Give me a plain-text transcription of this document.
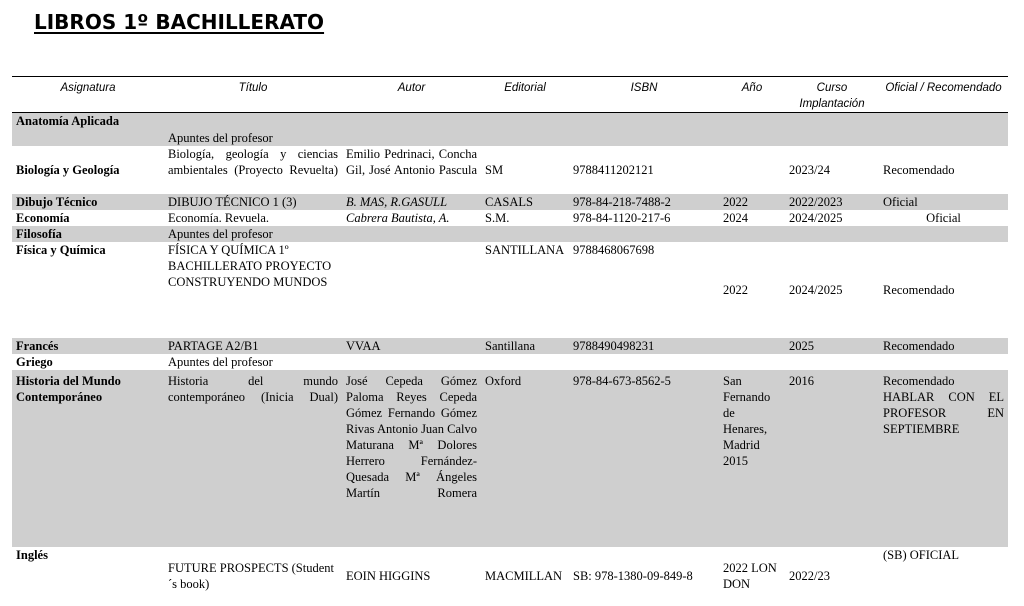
LIBROS 1º BACHILLERATO
Asignatura	Título	Autor	Editorial	ISBN	Año	Curso Implantación	Oficial / Recomendado
Anatomía Aplicada	Apuntes del profesor						
Biología y Geología	Biología, geología y ciencias ambientales (Proyecto Revuelta)	Emilio Pedrinaci, Concha Gil, José Antonio Pascula	SM	9788411202121		2023/24	Recomendado
Dibujo Técnico	DIBUJO TÉCNICO 1 (3)	B. MAS, R.GASULL	CASALS	978-84-218-7488-2	2022	2022/2023	Oficial
Economía	Economía. Revuela.	Cabrera Bautista, A.	S.M.	978-84-1120-217-6	2024	2024/2025	Oficial
Filosofía	Apuntes del profesor						
Física y Química	FÍSICA Y QUÍMICA 1º BACHILLERATO PROYECTO CONSTRUYENDO MUNDOS		SANTILLANA	9788468067698	2022	2024/2025	Recomendado
Francés	PARTAGE A2/B1	VVAA	Santillana	9788490498231		2025	Recomendado
Griego	Apuntes del profesor						
Historia del Mundo Contemporáneo	Historia del mundo contemporáneo (Inicia Dual)	José Cepeda Gómez Paloma Reyes Cepeda Gómez Fernando Gómez Rivas Antonio Juan Calvo Maturana Mª Dolores Herrero Fernández- Quesada Mª Ángeles Martín Romera	Oxford	978-84-673-8562-5	San Fernando de Henares, Madrid 2015	2016	Recomendado HABLAR CON EL PROFESOR EN SEPTIEMBRE
Inglés	FUTURE PROSPECTS (Student´s book)	EOIN HIGGINS	MACMILLAN	SB: 978-1380-09-849-8	2022 LONDON	2022/23	(SB) OFICIAL
